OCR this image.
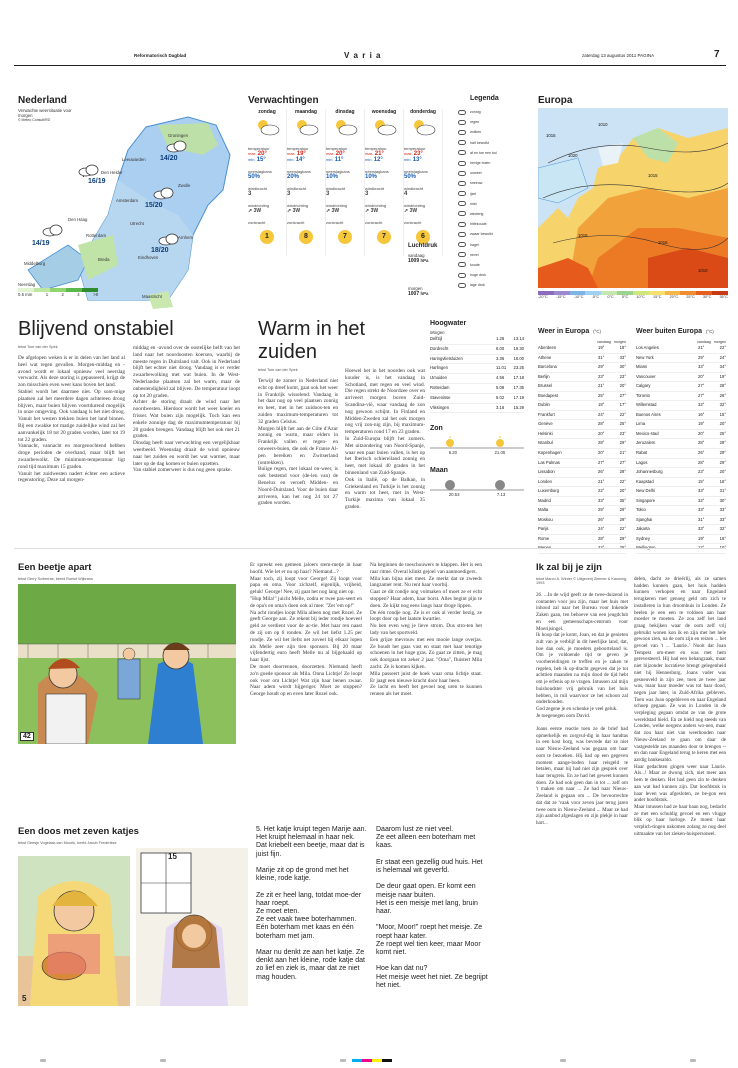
Reformatorisch Dagblad	V a r i a	zaterdag 13 augustus 2011 PAGINA	7
Nederland
Verwachte weersituatie voor morgen
© Meteo Consult/RD
Leeuwarden
Groningen
Den Helder
Zwolle
Amsterdam
Den Haag
Utrecht
Rotterdam	Arnhem
Middelburg
Breda	Eindhoven
Maastricht
14/20
16/19
15/20
14/19
18/20
Neerslag
0.5 mm	1	2	4	>8
Verwachtingen
zondag
temperatuur
max. 20°
min. 15°
neerslagkans
50%
windkracht
3
windrichting
➚ 3W
zonkracht
1
maandag
temperatuur
max. 19°
min. 14°
neerslagkans
20%
windkracht
3
windrichting
➚ 3W
zonkracht
8
dinsdag
temperatuur
max. 20°
min. 11°
neerslagkans
10%
windkracht
3
windrichting
➚ 3W
zonkracht
7
woensdag
temperatuur
max. 21°
min. 12°
neerslagkans
10%
windkracht
3
windrichting
➚ 3W
zonkracht
7
donderdag
temperatuur
max. 23°
min. 13°
neerslagkans
50%
windkracht
4
windrichting
➚ 3W
zonkracht
6
Luchtdruk
vandaag
1009 hPa
morgen
1007 hPa
Legenda
zonnig
regen
wolken
half bewolkt
af en toe een bui
hevige buien
onweer
sneeuw
ijzel
mist
winderig
hittekoude
zwaar bewolkt
hagel
nevel
koude
hoge druk
lage druk
Europa
1010
1015
1020
1015
1015
1015
1010
-20°C -15°C -10°C -5°C 0°C 5°C 10°C 15°C 20°C 25°C 30°C 35°C
Blijvend onstabiel
tekst Tom van der Spek
De afgelopen weken is er in delen van het land al heel wat regen gevallen. Morgen-middag en -avond wordt er lokaal opnieuw veel neerslag verwacht. Als deze storing is gepasseerd, krijgt de zon misschien even weer kans boven het land.
Stabiel wordt het daarmee niet. Op som-mige plaatsen zal het meerdere dagen achtereen droog blijven, maar buien blijven voortdurend mogelijk in onze omgeving. Ook vandaag is het niet droog. Vanuit het westen trekken buien het land binnen. Bij een zwakke tot matige zuidelijke wind zal het aanvankelijk 18 tot 20 graden worden, later tot 19 tot 22 graden.
Vannacht, vannacht en morgenochtend hebben droge perioden de overhand, maar blijft het zwaarbewolkt. De minimum-temperatuur ligt rond tijd maximum 15 graden.
Vanuit het zuidwesten nadert échter een actieve regenstoring. Deze zal morgen-
middag en -avond over de oostelijke helft van het land naar het noordoosten koersen, waarbij de meeste regen in Duitsland valt. Ook in Nederland blijft het echter niet droog. Vandaag is er verder zwaarbewolking met wat buien. In de West-Nederlandse plaatsen zal het warm, maar de onbestendigheid zal blijven. De temperatuur loopt op tot 20 graden.
Achter de storing draait de wind naar het noordwesten. Hierdoor wordt het weer koeler en frisser. Wat buien zijn mogelijk. Toch kan een enkele zonnige dag de maximumtemperatuur bij 20 graden brengen. Vandaag blijft het ook met 21 graden.
Dinsdag heeft naar verwachting een vergelijkbaar weerbeeld. Woensdag draait de wind opnieuw naar het zuiden en wordt het wat warmer, maar later op de dag komen er buien opzetten.
Van stabiel zomerweer is dus nog geen sprake.
Warm in het zuiden
tekst Tom van der Spek
Terwijl de zomer in Nederland niet echt op dreef komt, gaat ook het weer in Frankrijk wisselend. Vandaag is het daar nog op veel plaatsen zonnig en heet, met in het zuidoos-ten en zuiden maximum-temperaturen tot 32 graden Celsius.
Morgen blijft het aan de Côte d'Azur zonnig en warm, maar elders in Frankrijk vallen er regen- en onweers-buien, die ook de Franse Al-pen bereiken en Zwitserland (ontrekken).
Buiige regen, met lokaal on-weer, is ook bestemd voor (de-len van) de Benelux en veroeft Midden- en Noord-Duitsland. Voor de buien daar arriveren, kan het nog 24 tot 27 graden worden.
Hoewel het in het noorden ook wat kouder is, is het vandaag in Schotland, met regen en veel wind. Die regen strekt de Noordzee over en arriveert morgen boven Zuid-Scandina-vië, waar vandaag de zon nog gewoon schijnt. In Finland en Midden-Zweden zal het ook morgen nog vrij zon-nig zijn, bij maximum-temperaturen rond 17 en 23 graden.
In Zuid-Europa blijft het zomers. Met uitzondering van Noord-Spanje, waar een paar buien vallen, is het op het Iberisch schiereiland zonnig en heet, met lokaal 40 graden in het binnenland van Zuid-Spanje.
Ook in Italië, op de Balkan, in Griekenland en Turkije is het zonnig en warm tot heet, met in West-Turkije maxima van lokaal 35 graden.
Hoogwater
Morgen
Delfzijl	1.26 13.14
Dordrecht	6.00 19.30
Haringvlietsluizen	3.36 16.00
Harlingen	11.01 23.25
IJmuiden	4.56 17.18
Rotterdam	5.08 17.35
Stavenisse	5.02 17.19
Vlissingen	3.16 15.29
Zon
6.20	21.05
Maan
20.53	7.13
Weer in Europa (°C)
vandaag morgen
Aberdeen	19°	18°
Athene	31°	33°
Barcelona	29°	30°
Berlijn	23°	23°
Brussel	21°	20°
Boedapest	25°	27°
Dublin	18°	17°
Frankfurt	24°	22°
Genève	28°	25°
Helsinki	20°	23°
Istanbul	28°	29°
Kopenhagen	20°	21°
Las Palmas	27°	27°
Lissabon	26°	28°
Londen	21°	22°
Luxemburg	22°	20°
Madrid	33°	35°
Malta	29°	29°
Moskou	26°	29°
Parijs	24°	22°
Rome	28°	29°
Weer buiten Europa (°C)
vandaag morgen
Los Angeles	21°	22°
New York	29°	24°
Miami	33°	34°
Vancouver	20°	19°
Calgary	27°	28°
Toronto	27°	26°
Willemstad	32°	32°
Buenos Aires	16°	15°
Lima	19°	20°
Mexico-stad	20°	25°
Jeruzalem	28°	29°
Rabat	26°	29°
Lagos	28°	29°
Johannesburg	23°	20°
Kaapstad	15°	16°
New Delhi	33°	31°
Singapore	32°	30°
Tokio	33°	33°
Sjanghai	31°	33°
Jakarta	33°	32°
Sydney	19°	16°
Een beetje apart
tekst Gerry Sciberras, beeld Roelof Wijbrans
42
Er spreekt een gemeen jaloers stem-metje in haar hoofd. Wie let er nu op haar? Niemand...?
Maar toch, zij loopt voor George! Zij loopt voor papa en oma. Voor zichzelf, eigenlijk, vrijheid, geluk! George! Nee, zij gaat het nog lang niet op.
"Hup Mila!" juicht Melle, zodra er twee pas-seert en de opa's en oma's doen ook al mee: "Zet 'em op!"
Na acht rondjes loopt Mila alleen nog met Rozel. Ze geeft George aan. Ze rekent bij ieder rondje hoeveel geld ze verdient voor de ac-tie. Met haar ren naast de zij om op 6 ronden. Ze wil het liefst 1.25 per rondje. Ze wil het liefst net zoveel bij elkaar lopen als Melle zeer zijn tien sponsors. Bij 20 maar vijfendertig euro heeft Melle nu al bijgehaald op haar lijst.
De moet doorrennen, doorzetten. Niemand heeft zo'n goede sponsor als Mila. Onna Lichtje! Ze loopt ook voor om Lichtje! Wat zijn haar benen zwaar. Naar adem wordt hijgeriger. Moet ze stoppen? George houdt op en even later Rozel ook.
Na beginnen de toeschouwers te klappen. Het is een raar ritme. Overal klinkt gejoel van aanmoedigers.
Mila kan bijna niet meer. Ze merkt dat ze zweeds langzamer rent. Nu rent haar voorbij.
Gaat ze dit rondje nog volmaken of moet ze er echt stoppen? Haar adem, haar borst. Alles begint pijn te doen. Ze kijkt nog eens langs haar droge lippen.
De één rondje nog. Ze is er ook al verder bezig, ze loopt door op het laatste kwartier.
Nu ben even weg je lieve strom. Dus stro-ten het lady van het sportveld.
Een grijze mevrouw met een mooie lange overjas. Ze houdt het gaas vast en staat met haar tenotige schoenen in het hoge gras. Zo gaat ze zitten, je mag ook doorgaan tot zeker 2 jaar. "Oma", fluistert Mila zacht. Ze is komen kijken.
Mila passeert juist de hoek waar oma lichtje staat. Er jaagt een nieuwe kracht door haar heen.
Ze lacht en heeft het gevoel nog uren te kunnen rennen als het moet.
Een doos met zeven katjes
tekst Geesje Vogelaar-van Mourik, beeld Jacob Frederikse
5
15
5. Het katje kruipt tegen Marije aan. Het kruipt helemaal in haar nek.
Dat kriebelt een beetje, maar dat is juist fijn.

Marije zit op de grond met het kleine, rode katje.

Ze zit er heel lang, totdat moe-der haar roept.
Ze moet eten.
Ze eet vaak twee boterhammen. Eén boterham met kaas en één boterham met jam.

Maar nu denkt ze aan het katje. Ze denkt aan het kleine, rode katje dat zo lief en ziek is, maar dat ze niet mag houden.
Daarom lust ze niet veel.
Ze eet alleen een boterham met kaas.

Er staat een gezellig oud huis. Het is helemaal wit geverfd.

De deur gaat open. Er komt een meisje naar buiten.
Het is een meisje met lang, bruin haar.

"Moor, Moor!" roept het meisje. Ze roept haar kater.
Ze roept wel tien keer, maar Moor komt niet.

Hoe kan dat nu?
Het meisje weet het niet. Ze begrijpt het niet.
Ik zal bij je zijn
tekst Marco A. Winter © Uitgeverij Zimmer & Kauwing, 1993
26. ...In de wijd geeft ze de twee-duizend in contanten voor jou zijn, maar het huis met inhoud zal naar het Bureau voor Inkende Zaken gaan, ten behoeve van een jeugdclub en een gemeenschaps-centrum voor Moerijsingel.
Ik hoop dat je komt, Joan, en dat je genieten zult van je verblijf in dit heerlijke land, dat, hoe dan ook, je moeders geboorteland is. Om je voldoende tijd te geven je voorbereidingen te treffen en je zaken te regelen, heb ik op-dracht gegeven dat je tot achttien maanden na mijn dood de tijd hebt om je erfenis op te vragen. Intussen zal mijn huishoudster vrij gebruik van het huis hebben, in ruil waarvoor ze het schoon zal onderhouden.
God zegene je en schenke je veel geluk.
Je toegenegen oom David.

Joans eerste reactie toen ze de brief had opmerkelijk en zorgvul-dig in haar handtas in een kost borg, was bevrede dat ze niet naar Nieuw-Zeeland was gegaan om haar oom te bezoeken. Hij had op een gegeven moment aange-boden haar reisgeld te betalen, maar hij had niet zijn gesprek over haar terugreis. En ze had het geweet kunnen doen. Ze had ook geen dan in tot ... zelf om 't maken om naar ... Ze had naar Nieuw-Zeeland is gegaan om ... De bevoorrechte dat dat ze 'vaak voor zeven jaar terug jaren twee oom in Nieuw-Zeeland ... Maar ze had zijn aanbod afgeslagen en zijn plekje in haar hart...
delen, dacht ze drieërlij, als ze samen hadden kunnen gaan, het huis hadden kunnen verkopen en naar Engeland terugkeren met genoeg geld om zich te installeren in hun droomhuis in Londen. Ze beelen je een een te voldoen aan haar moeder te moeten. Ze zou zelf het land graag bekijken waar de oom zelf vrij gebruikt wonen kon ik en zijn met het hele gewoon zien, na de oom zijn en reizen ... het gevoel van 't ... 'Laurie..' Nooit dat Joan Tempest om-meet en was met hem gerevesteerd. Hij had een behangzaak, maar niet bijzonder lucratieve brengt gelegenheid niet hij Hennesburg. Joans vader was gesneuveld in zijn zee, toen ze twee jaar was, maar haar moeder was tot haar dood, negen jaar later, in Zuid-Afrika gebleven. Toen was Joan opgebleven en naar Engeland schoep gegaan. Ze was in Londen in de verpleging gegaan omdat ze van de grote wereldstad hield. En ze hield nog steeds van Londen, welke nergens anders wo-nen, maar dat zou haar niet van weerhouden naar Nieuw-Zeeland te gaan om daar de vastgestelde zes maanden door te brengen -- en dan naar Engeland terug te keren met een aardig bankesaldo.
Haar gedachten gingen weer naar Laurie. Als...! Maar ze dwong zich, niet meer aan hem te denken. Het had geen zin te denken aan wat had kunnen zijn. Dat hoofdstuk in haar leven was afgesloten, ze be-gon een ander hoofdstuk.
Maar intussen had ze haar baan nog, bedacht ze met een schuldig gevoel en een vlugge blik op haar horloge. Ze moest haar verplich-tingen nakomen zolang ze nog deel uitmaakte van het zieken-huispersoneel.
